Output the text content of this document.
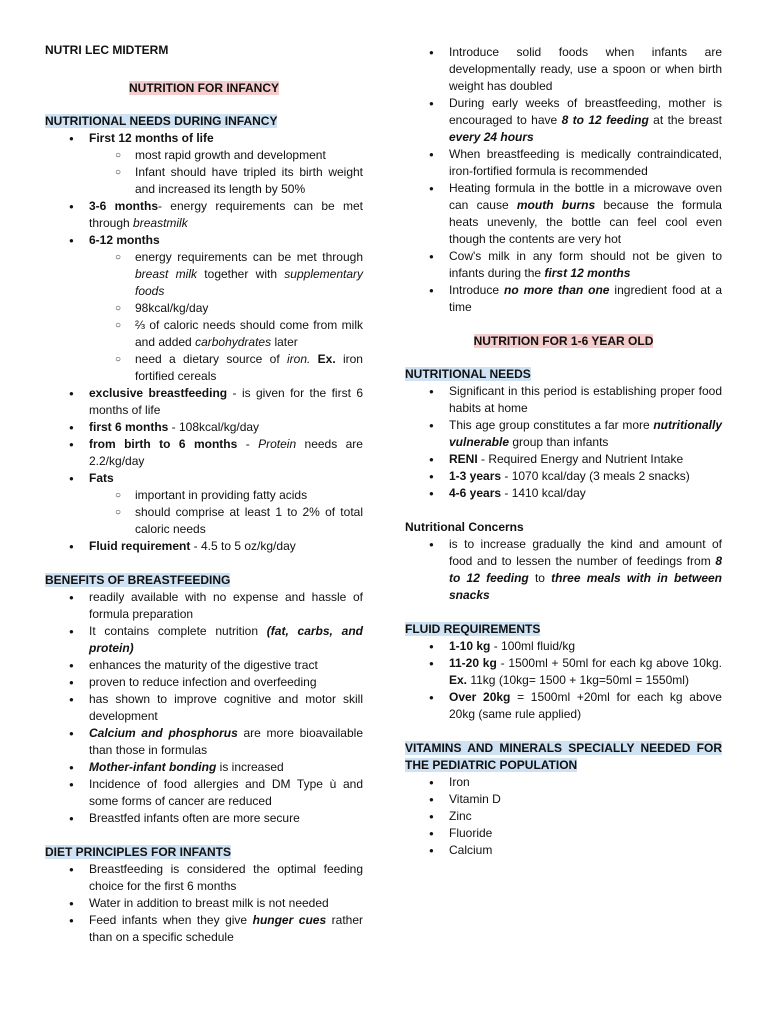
NUTRI LEC MIDTERM
NUTRITION FOR INFANCY
NUTRITIONAL NEEDS DURING INFANCY
● First 12 months of life
○ most rapid growth and development
○ Infant should have tripled its birth weight and increased its length by 50%
● 3-6 months- energy requirements can be met through breastmilk
● 6-12 months
○ energy requirements can be met through breast milk together with supplementary foods
○ 98kcal/kg/day
○ ⅔ of caloric needs should come from milk and added carbohydrates later
○ need a dietary source of iron. Ex. iron fortified cereals
● exclusive breastfeeding - is given for the first 6 months of life
● first 6 months - 108kcal/kg/day
● from birth to 6 months - Protein needs are 2.2/kg/day
● Fats
○ important in providing fatty acids
○ should comprise at least 1 to 2% of total caloric needs
● Fluid requirement - 4.5 to 5 oz/kg/day
BENEFITS OF BREASTFEEDING
● readily available with no expense and hassle of formula preparation
● It contains complete nutrition (fat, carbs, and protein)
● enhances the maturity of the digestive tract
● proven to reduce infection and overfeeding
● has shown to improve cognitive and motor skill development
● Calcium and phosphorus are more bioavailable than those in formulas
● Mother-infant bonding is increased
● Incidence of food allergies and DM Type ù and some forms of cancer are reduced
● Breastfed infants often are more secure
DIET PRINCIPLES FOR INFANTS
● Breastfeeding is considered the optimal feeding choice for the first 6 months
● Water in addition to breast milk is not needed
● Feed infants when they give hunger cues rather than on a specific schedule
● Introduce solid foods when infants are developmentally ready, use a spoon or when birth weight has doubled
● During early weeks of breastfeeding, mother is encouraged to have 8 to 12 feeding at the breast every 24 hours
● When breastfeeding is medically contraindicated, iron-fortified formula is recommended
● Heating formula in the bottle in a microwave oven can cause mouth burns because the formula heats unevenly, the bottle can feel cool even though the contents are very hot
● Cow's milk in any form should not be given to infants during the first 12 months
● Introduce no more than one ingredient food at a time
NUTRITION FOR 1-6 YEAR OLD
NUTRITIONAL NEEDS
● Significant in this period is establishing proper food habits at home
● This age group constitutes a far more nutritionally vulnerable group than infants
● RENI - Required Energy and Nutrient Intake
● 1-3 years - 1070 kcal/day (3 meals 2 snacks)
● 4-6 years - 1410 kcal/day
Nutritional Concerns
● is to increase gradually the kind and amount of food and to lessen the number of feedings from 8 to 12 feeding to three meals with in between snacks
FLUID REQUIREMENTS
● 1-10 kg - 100ml fluid/kg
● 11-20 kg - 1500ml + 50ml for each kg above 10kg. Ex. 11kg (10kg= 1500 + 1kg=50ml = 1550ml)
● Over 20kg = 1500ml +20ml for each kg above 20kg (same rule applied)
VITAMINS AND MINERALS SPECIALLY NEEDED FOR THE PEDIATRIC POPULATION
● Iron
● Vitamin D
● Zinc
● Fluoride
● Calcium
